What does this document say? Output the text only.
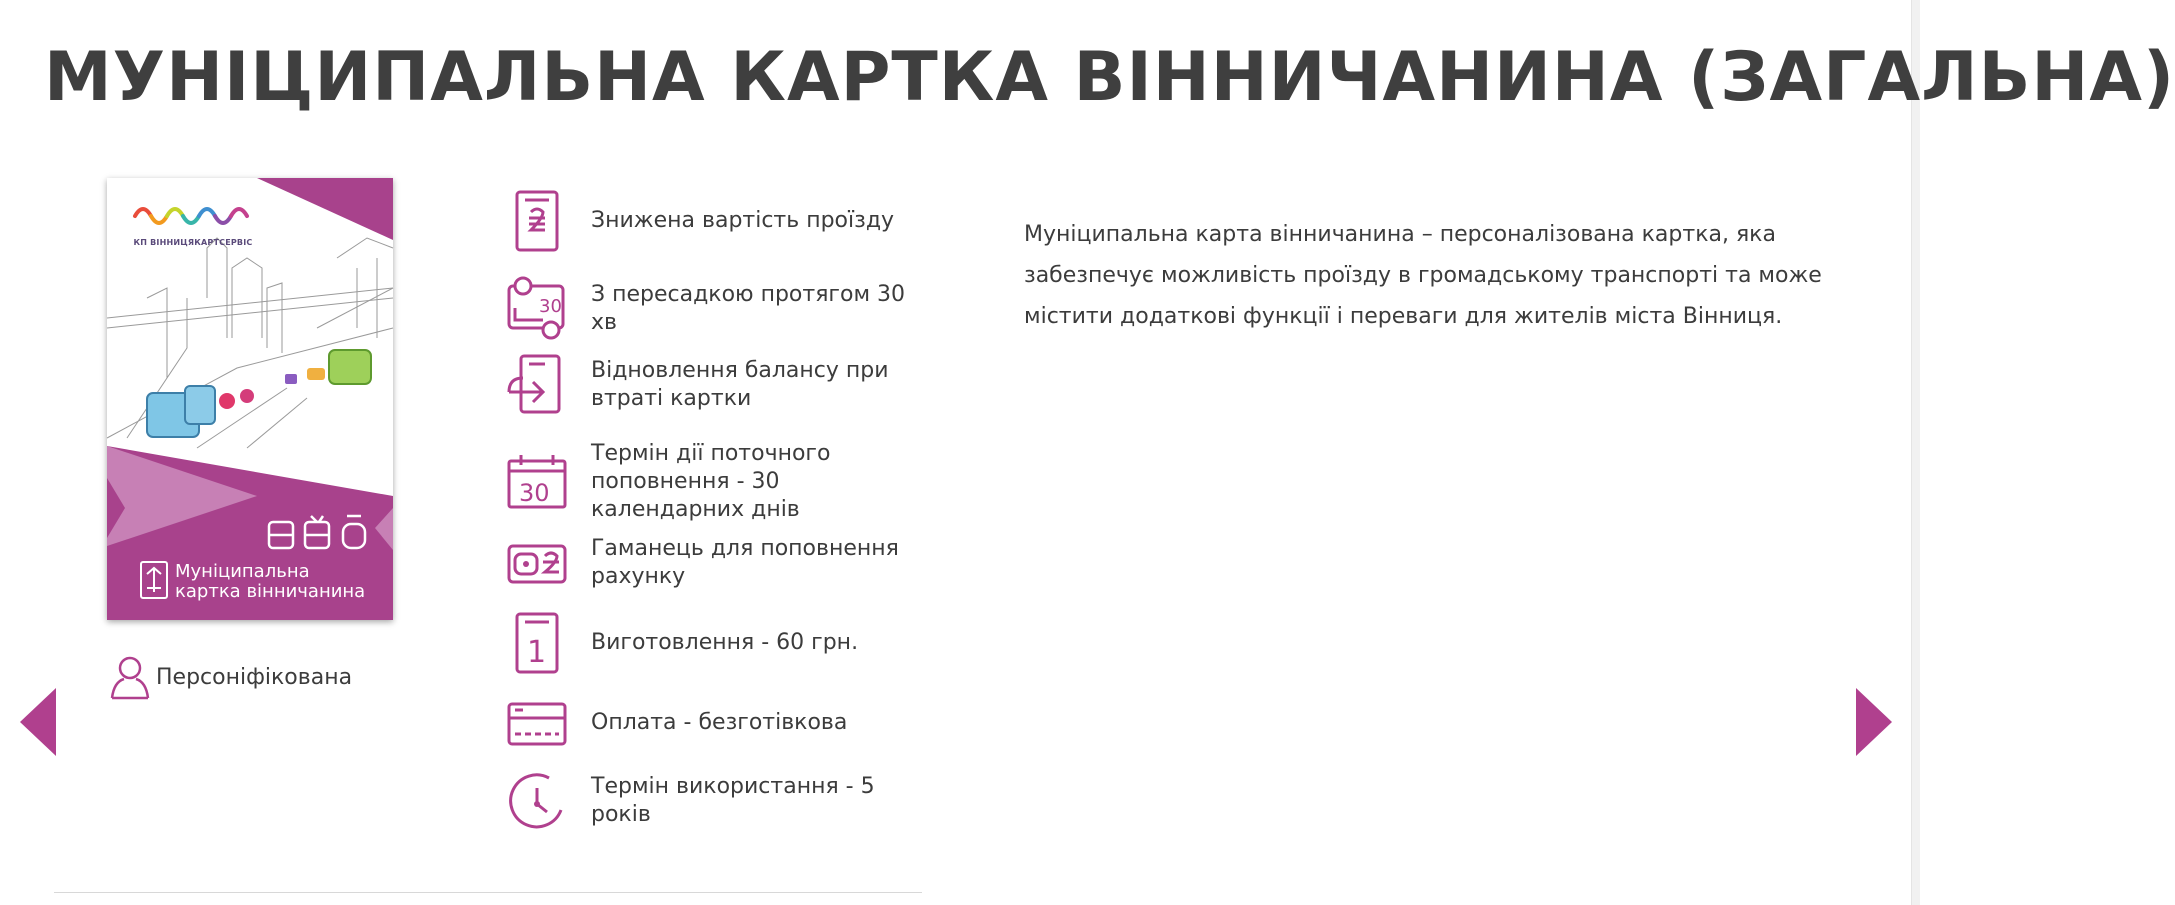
МУНІЦИПАЛЬНА КАРТКА ВІННИЧАНИНА (ЗАГАЛЬНА)
КП ВІННИЦЯКАРТСЕРВІС
Муніципальна
картка вінничанина
Персоніфікована
Знижена вартість проїзду
30 З пересадкою протягом 30 хв
Відновлення балансу при втраті картки
30
Термін дії поточного поповнення - 30 календарних днів
Гаманець для поповнення рахунку
1 Виготовлення - 60 грн.
Оплата - безготівкова
Термін використання - 5 років
Муніципальна карта вінничанина – персоналізована картка, яка забезпечує можливість проїзду в громадському транспорті та може містити додаткові функції і переваги для жителів міста Вінниця.
